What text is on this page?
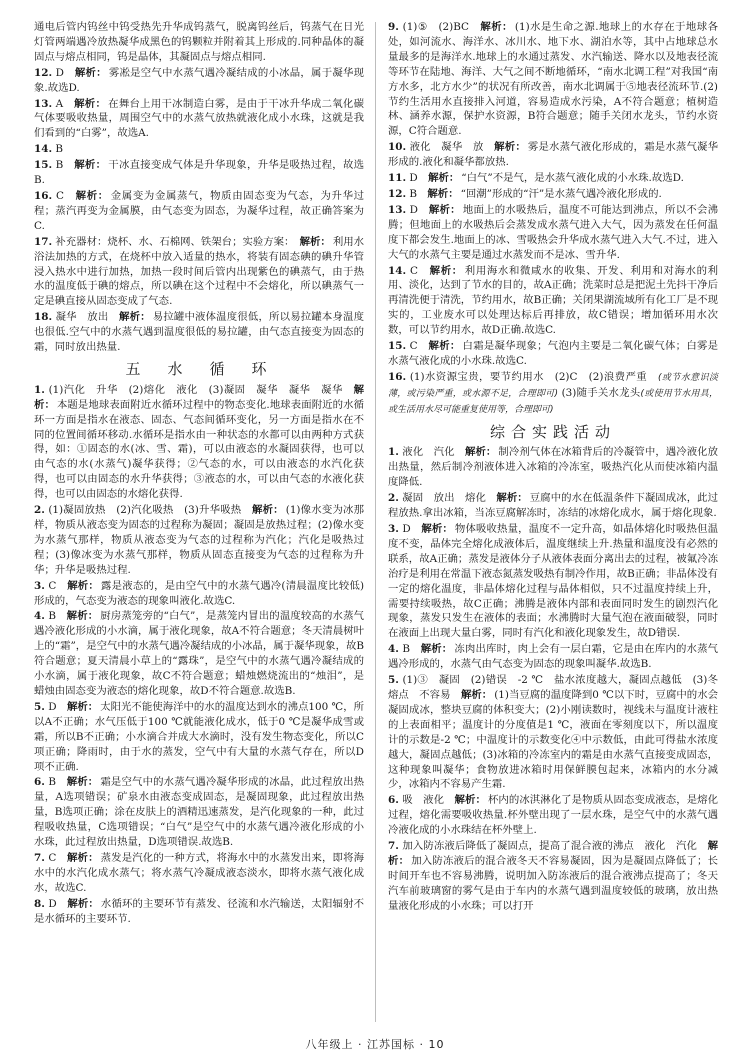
通电后管内钨丝中钨受热先升华成钨蒸气，脱离钨丝后，钨蒸气在日光灯管两端遇冷放热凝华成黑色的钨颗粒并附着其上形成的.同种晶体的凝固点与熔点相同，钨是晶体，其凝固点与熔点相同.
12. D　 解析： 雾凇是空气中水蒸气遇冷凝结成的小冰晶，属于凝华现象.故选D.
13. A　 解析： 在舞台上用干冰制造白雾，是由于干冰升华成二氧化碳气体要吸收热量，周围空气中的水蒸气放热就液化成小水珠，这就是我们看到的“白雾”，故选A.
14. B　
15. B　 解析： 干冰直接变成气体是升华现象，升华是吸热过程，故选B.
16. C　 解析： 金属变为金属蒸气，物质由固态变为气态，为升华过程；蒸汽再变为金属膜，由气态变为固态，为凝华过程，故正确答案为C.
17. 补充器材：烧杯、水、石棉网、铁架台；实验方案：　 解析： 利用水浴法加热的方式，在烧杯中放入适量的热水，将装有固态碘的碘升华管浸入热水中进行加热，加热一段时间后管内出现紫色的碘蒸气，由于热水的温度低于碘的熔点，所以碘在这个过程中不会熔化，所以碘蒸气一定是碘直接从固态变成了气态.
18. 凝华　放出　 解析： 易拉罐中液体温度很低，所以易拉罐本身温度也很低.空气中的水蒸气遇到温度很低的易拉罐，由气态直接变为固态的霜，同时放出热量.
五　水　循　环
1. (1)汽化　升华　(2)熔化　液化　(3)凝固　凝华　凝华　凝华　 解析： 本题是地球表面附近水循环过程中的物态变化.地球表面附近的水循环一方面是指水在液态、固态、气态间循环变化，另一方面是指水在不同的位置间循环移动.水循环是指水由一种状态的水都可以由两种方式获得，如：①固态的水(冰、雪、霜)，可以由液态的水凝固获得，也可以由气态的水(水蒸气)凝华获得；②气态的水，可以由液态的水汽化获得，也可以由固态的水升华获得；③液态的水，可以由气态的水液化获得，也可以由固态的水熔化获得.
2. (1)凝固放热　(2)汽化吸热　(3)升华吸热　 解析： (1)像水变为冰那样，物质从液态变为固态的过程称为凝固；凝固是放热过程；(2)像水变为水蒸气那样，物质从液态变为气态的过程称为汽化；汽化是吸热过程；(3)像冰变为水蒸气那样，物质从固态直接变为气态的过程称为升华；升华是吸热过程.
3. C　 解析： 露是液态的，是由空气中的水蒸气遇冷(清晨温度比较低)形成的，气态变为液态的现象叫液化.故选C.
4. B　 解析： 厨房蒸笼旁的“白气”，是蒸笼内冒出的温度较高的水蒸气遇冷液化形成的小水滴，属于液化现象，故A不符合题意；冬天清晨树叶上的“霜”，是空气中的水蒸气遇冷凝结成的小冰晶，属于凝华现象，故B符合题意；夏天清晨小草上的“露珠”，是空气中的水蒸气遇冷凝结成的小水滴，属于液化现象，故C不符合题意；蜡烛燃烧流出的“烛泪”，是蜡烛由固态变为液态的熔化现象，故D不符合题意.故选B.
5. D　 解析： 太阳光不能使海洋中的水的温度达到水的沸点100 ℃，所以A不正确；水气压低于100 ℃就能液化成水，低于0 ℃是凝华成雪或霜，所以B不正确；小水滴合并成大水滴时，没有发生物态变化，所以C项正确；降雨时，由于水的蒸发，空气中有大量的水蒸气存在，所以D项不正确.
6. B　 解析： 霜是空气中的水蒸气遇冷凝华形成的冰晶，此过程放出热量，A选项错误；矿泉水由液态变成固态，是凝固现象，此过程放出热量，B选项正确；涂在皮肤上的酒精迅速蒸发，是汽化现象的一种，此过程吸收热量，C选项错误；“白气”是空气中的水蒸气遇冷液化形成的小水珠，此过程放出热量，D选项错误.故选B.
7. C　 解析： 蒸发是汽化的一种方式，将海水中的水蒸发出来，即将海水中的水汽化成水蒸气；将水蒸气冷凝成液态淡水，即将水蒸气液化成水，故选C.
8. D　 解析： 水循环的主要环节有蒸发、径流和水汽输送，太阳辐射不是水循环的主要环节.
9. (1)⑤　(2)BC　 解析： (1)水是生命之源.地球上的水存在于地球各处，如河流水、海洋水、冰川水、地下水、湖泊水等，其中占地球总水量最多的是海洋水.地球上的水通过蒸发、水汽输送、降水以及地表径流等环节在陆地、海洋、大气之间不断地循环，“南水北调工程”对我国“南方水多，北方水少”的状况有所改善，南水北调属于⑤地表径流环节.(2)节约生活用水直接排入河道，容易造成水污染，A不符合题意；植树造林、涵养水源，保护水资源，B符合题意；随手关闭水龙头，节约水资源，C符合题意.
10. 液化　凝华　放　 解析： 雾是水蒸气液化形成的，霜是水蒸气凝华形成的.液化和凝华都放热.
11. D　 解析： “白气”不是气，是水蒸气液化成的小水珠.故选D.
12. B　 解析： “回潮”形成的“汗”是水蒸气遇冷液化形成的.
13. D　 解析： 地面上的水吸热后，温度不可能达到沸点，所以不会沸腾；但地面上的水吸热后会蒸发成水蒸气进入大气，因为蒸发在任何温度下都会发生.地面上的冰、雪吸热会升华成水蒸气进入大气.不过，进入大气的水蒸气主要是通过水蒸发而不是冰、雪升华.
14. C　 解析： 利用海水和微咸水的收集、开发、利用和对海水的利用、淡化，达到了节水的目的，故A正确；洗菜时总是把泥土先抖干净后再清洗便于清洗，节约用水，故B正确；关闭果湖流域所有化工厂是不现实的，工业废水可以处理达标后再排放，故C错误；增加循环用水次数，可以节约用水，故D正确.故选C.
15. C　 解析： 白霜是凝华现象；气泡内主要是二氧化碳气体；白雾是水蒸气液化成的小水珠.故选C.
16. (1)水资源宝贵，要节约用水　(2)C　(2)浪费严重　 (或节水意识淡薄，或污染严重，或水源不足，合理即可) (3)随手关水龙头(或使用节水用具，或生活用水尽可能重复使用等，合理即可)
综合实践活动
1. 液化　汽化　 解析： 制冷剂气体在冰箱背后的冷凝管中，遇冷液化放出热量，然后制冷剂液体进入冰箱的冷冻室，吸热汽化从而使冰箱内温度降低.
2. 凝固　放出　熔化　 解析： 豆腐中的水在低温条件下凝固成冰，此过程放热.拿出冰箱，当冻豆腐解冻时，冻结的冰熔化成水，属于熔化现象.
3. D　 解析： 物体吸收热量，温度不一定升高，如晶体熔化时吸热但温度不变，晶体完全熔化成液体后，温度继续上升.热量和温度没有必然的联系，故A正确；蒸发是液体分子从液体表面分离出去的过程，被氟冷冻治疗是利用在常温下液态氮蒸发吸热有制冷作用，故B正确；非晶体没有一定的熔化温度，非晶体熔化过程与晶体相似，只不过温度持续上升，需要持续吸热，故C正确；沸腾是液体内部和表面同时发生的剧烈汽化现象，蒸发只发生在液体的表面；水沸腾时大量气泡在液面破裂，同时在液面上出现大量白雾，同时有汽化和液化现象发生，故D错误.
4. B　 解析： 冻肉出库时，肉上会有一层白霜，它是由在库内的水蒸气遇冷形成的，水蒸气由气态变为固态的现象叫凝华.故选B.
5. (1)③　凝固　(2)错误　-2 ℃　盐水浓度越大，凝固点越低　(3)冬　熔点　不容易　 解析： (1)当豆腐的温度降到0 ℃以下时，豆腐中的水会凝固成冰，整块豆腐的体积变大；(2)小刚读数时，视线未与温度计液柱的上表面相平；温度计的分度值是1 ℃，液面在零刻度以下，所以温度计的示数是-2 ℃；中温度计的示数变化④中示数低，由此可得盐水浓度越大，凝固点越低；(3)冰箱的冷冻室内的霜是由水蒸气直接变成固态，这种现象叫凝华；食物放进冰箱时用保鲜膜包起来，冰箱内的水分减少，冰箱内不容易产生霜.
6. 吸　液化　 解析： 杯内的冰淇淋化了是物质从固态变成液态，是熔化过程，熔化需要吸收热量.杯外壁出现了一层水珠，是空气中的水蒸气遇冷液化成的小水珠结在杯外壁上.
7. 加入防冻液后降低了凝固点，提高了混合液的沸点　液化　汽化　 解析： 加入防冻液后的混合液冬天不容易凝固，因为是凝固点降低了；长时间开车也不容易沸腾，说明加入防冻液后的混合液沸点提高了；冬天汽车前玻璃窗的雾气是由于车内的水蒸气遇到温度较低的玻璃，放出热量液化形成的小水珠；可以打开
八年级上 · 江苏国标 · 10
